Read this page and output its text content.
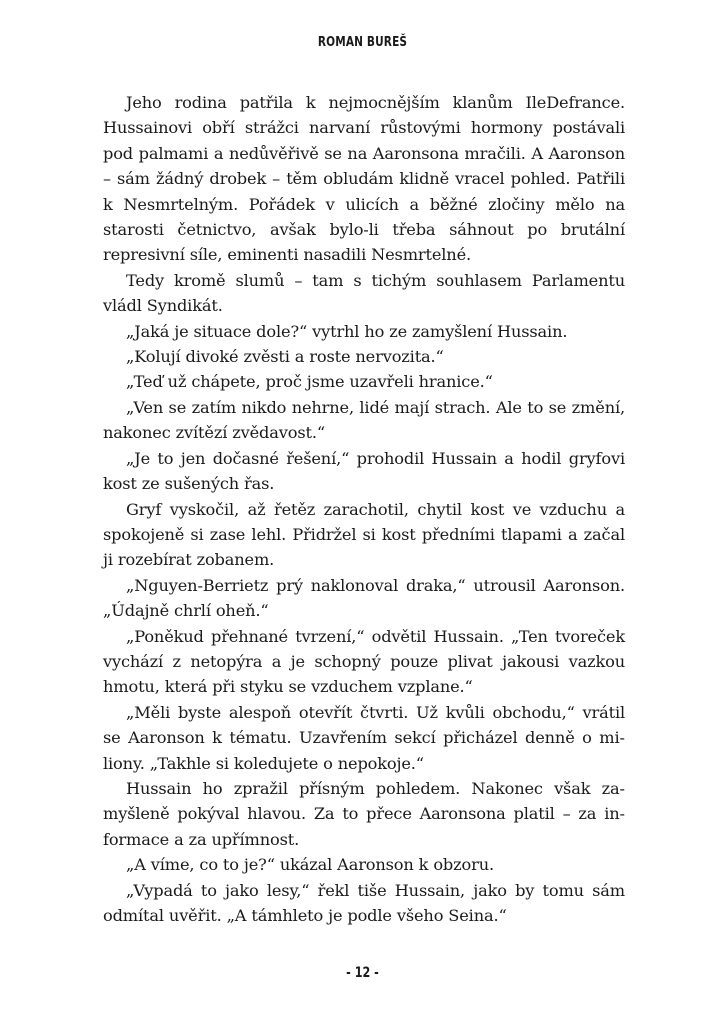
ROMAN BUREŠ

Jeho rodina patřila k nejmocnějším klanům IleDefrance. Hussainovi obří strážci narvaní růstovými hormony postávali pod palmami a nedůvěřivě se na Aaronsona mračili. A Aaronson – sám žádný drobek – těm obludám klidně vracel pohled. Patřili k Nesmrtelným. Pořádek v ulicích a běžné zločiny mělo na starosti četnictvo, avšak bylo-li třeba sáhnout po brutální represivní síle, eminenti nasadili Nesmrtelné.

Tedy kromě slumů – tam s tichým souhlasem Parlamentu vládl Syndikát.

„Jaká je situace dole?“ vytrhl ho ze zamyšlení Hussain.

„Kolují divoké zvěsti a roste nervozita.“

„Teď už chápete, proč jsme uzavřeli hranice.“

„Ven se zatím nikdo nehrne, lidé mají strach. Ale to se změní, nakonec zvítězí zvědavost.“

„Je to jen dočasné řešení,“ prohodil Hussain a hodil gryfovi kost ze sušených řas.

Gryf vyskočil, až řetěz zarachotil, chytil kost ve vzduchu a spokojeně si zase lehl. Přidržel si kost předními tlapami a začal ji rozebírat zobanem.

„Nguyen-Berrietz prý naklonoval draka,“ utrousil Aaronson. „Údajně chrlí oheň.“

„Poněkud přehnané tvrzení,“ odvětil Hussain. „Ten tvoreček vychází z netopýra a je schopný pouze plivat jakousi vazkou hmotu, která při styku se vzduchem vzplane.“

„Měli byste alespoň otevřít čtvrti. Už kvůli obchodu,“ vrátil se Aaronson k tématu. Uzavřením sekcí přicházel denně o miliony. „Takhle si koledujete o nepokoje.“

Hussain ho zpražil přísným pohledem. Nakonec však zamyšleně pokýval hlavou. Za to přece Aaronsona platil – za informace a za upřímnost.

„A víme, co to je?“ ukázal Aaronson k obzoru.

„Vypadá to jako lesy,“ řekl tiše Hussain, jako by tomu sám odmítal uvěřit. „A támhleto je podle všeho Seina.“

- 12 -
